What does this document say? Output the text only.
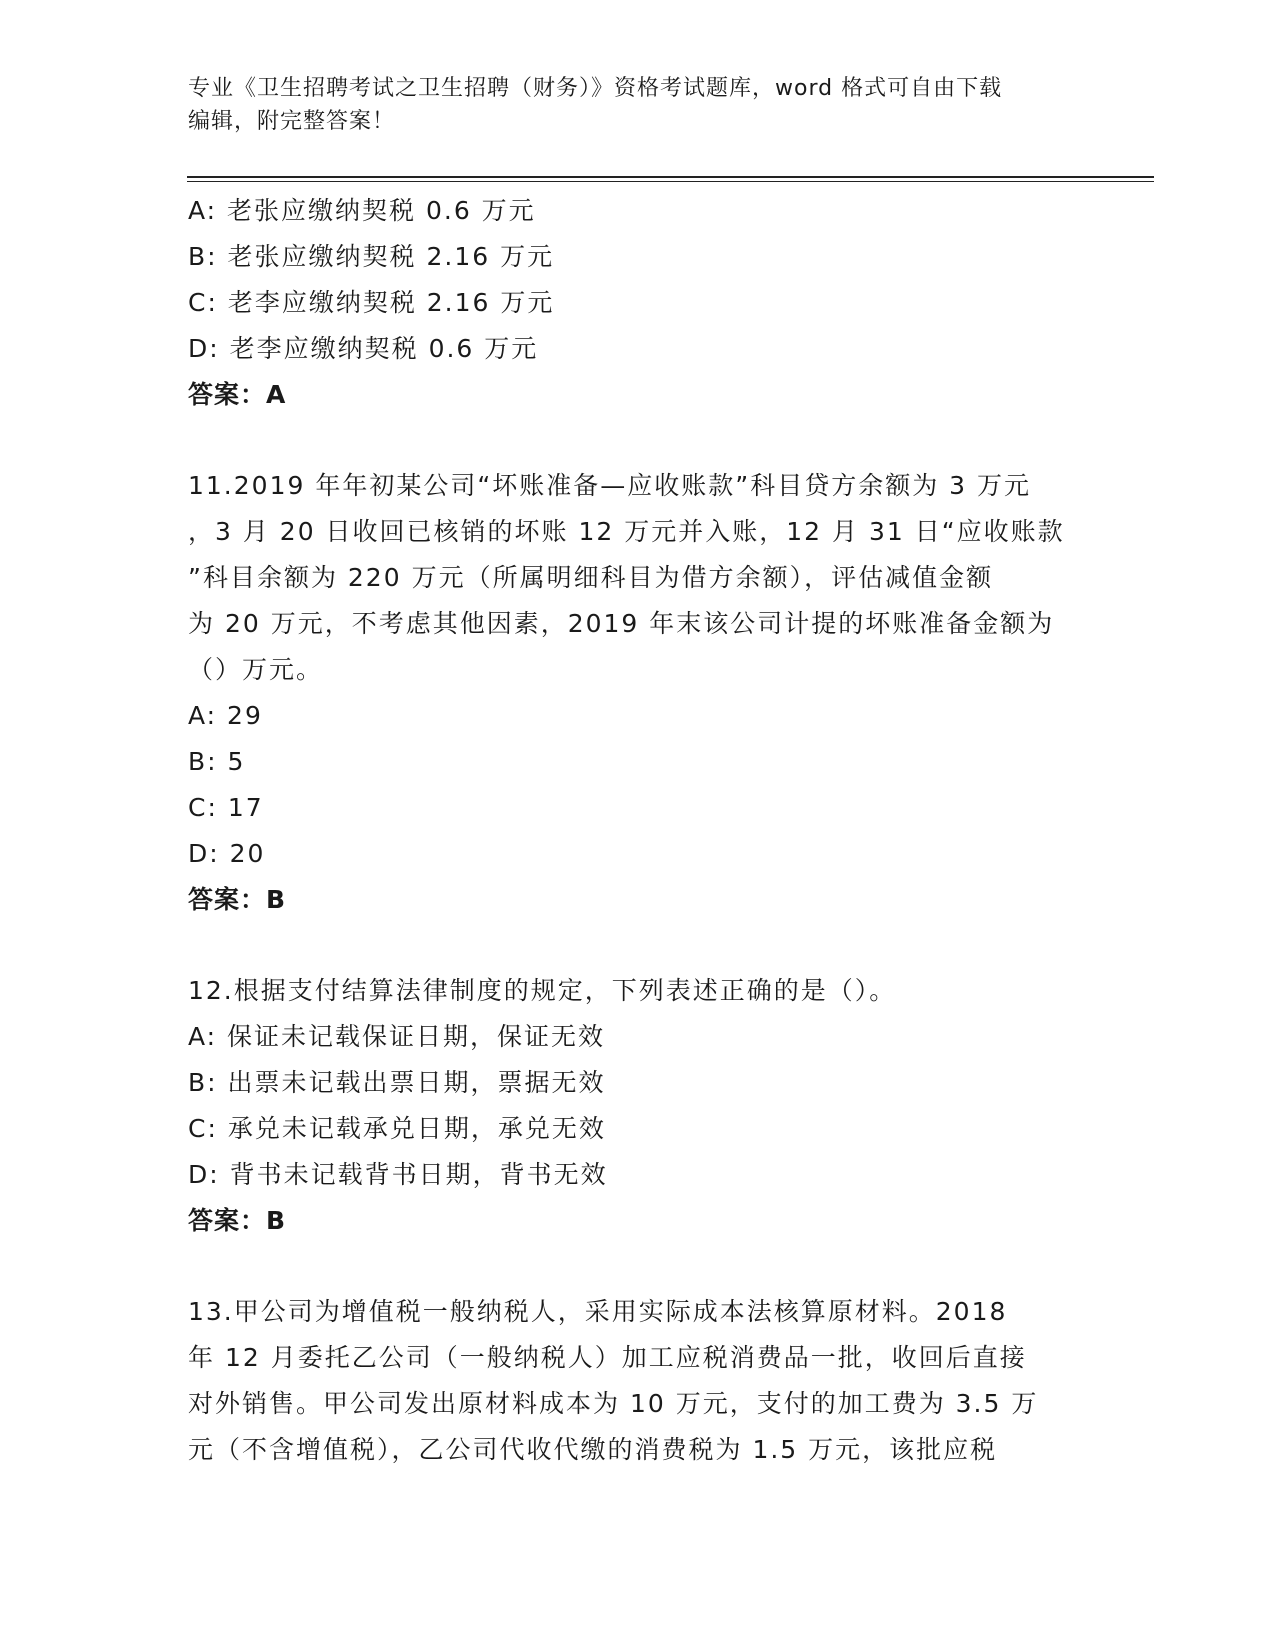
专业《卫生招聘考试之卫生招聘（财务）》资格考试题库，word 格式可自由下载
编辑，附完整答案！
A: 老张应缴纳契税 0.6 万元
B: 老张应缴纳契税 2.16 万元
C: 老李应缴纳契税 2.16 万元
D: 老李应缴纳契税 0.6 万元
答案：A
11.2019 年年初某公司“坏账准备—应收账款”科目贷方余额为 3 万元
，3 月 20 日收回已核销的坏账 12 万元并入账，12 月 31 日“应收账款
”科目余额为 220 万元（所属明细科目为借方余额），评估减值金额
为 20 万元，不考虑其他因素，2019 年末该公司计提的坏账准备金额为
（）万元。
A: 29
B: 5
C: 17
D: 20
答案：B
12.根据支付结算法律制度的规定，下列表述正确的是（）。
A: 保证未记载保证日期，保证无效
B: 出票未记载出票日期，票据无效
C: 承兑未记载承兑日期，承兑无效
D: 背书未记载背书日期，背书无效
答案：B
13.甲公司为增值税一般纳税人，采用实际成本法核算原材料。2018
年 12 月委托乙公司（一般纳税人）加工应税消费品一批，收回后直接
对外销售。甲公司发出原材料成本为 10 万元，支付的加工费为 3.5 万
元（不含增值税），乙公司代收代缴的消费税为 1.5 万元，该批应税
